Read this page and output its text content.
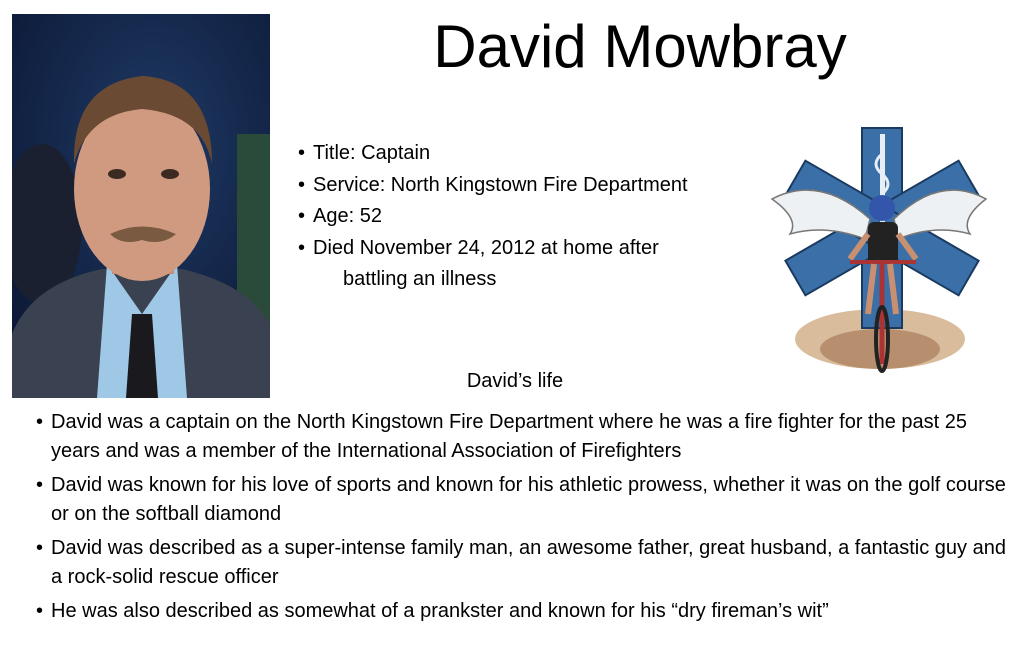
David Mowbray
• Title: Captain
• Service: North Kingstown Fire Department
• Age: 52
• Died November 24, 2012 at home after
battling an illness
David’s life
• David was a captain on the North Kingstown Fire Department where he was a fire fighter for the past 25 years and was a member of the International Association of Firefighters
• David was known for his love of sports and known for his athletic prowess, whether it was on the golf course or on the softball diamond
• David was described as a super-intense family man, an awesome father, great husband, a fantastic guy and a rock-solid rescue officer
• He was also described as somewhat of a prankster and known for his “dry fireman’s wit”
